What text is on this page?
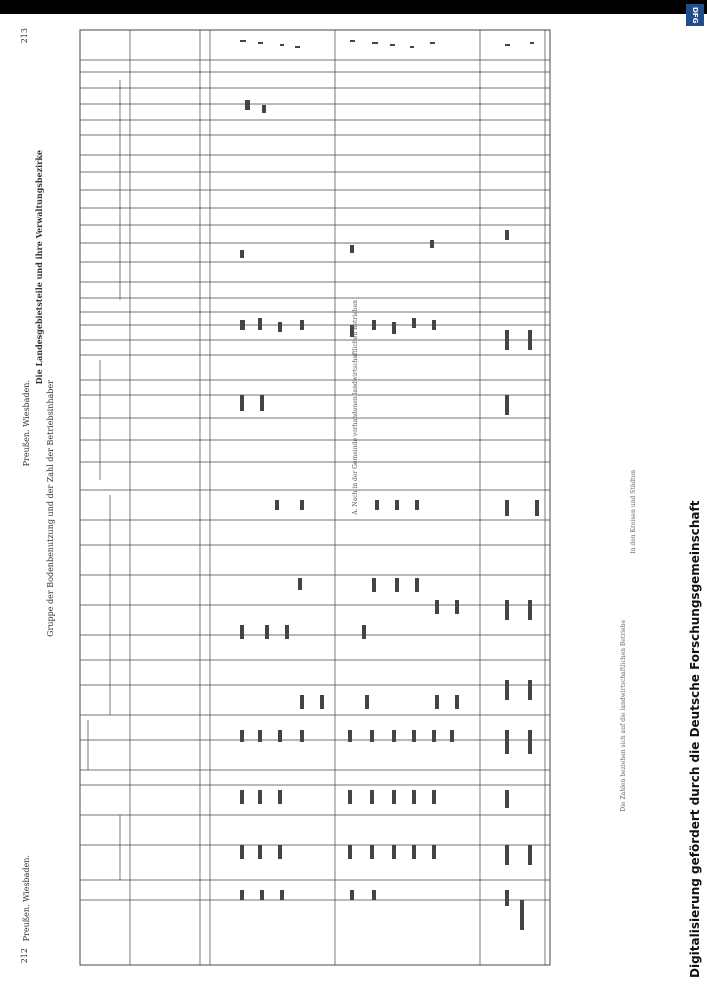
213
212
Preußen. Wiesbaden.
Preußen. Wiesbaden.
Die Landesgebietsteile und ihre Verwaltungsbezirke
Gruppe der Bodenbenutzung und der Zahl der Betriebsinhaber	A. Nach in der Gemeinde vorhandenen landwirtschaftlichen Betrieben
Die Zahlen beziehen sich auf die landwirtschaftlichen Betriebe
In den Kreisen und Städten
DFG
Digitalisierung gefördert durch die Deutsche Forschungsgemeinschaft
